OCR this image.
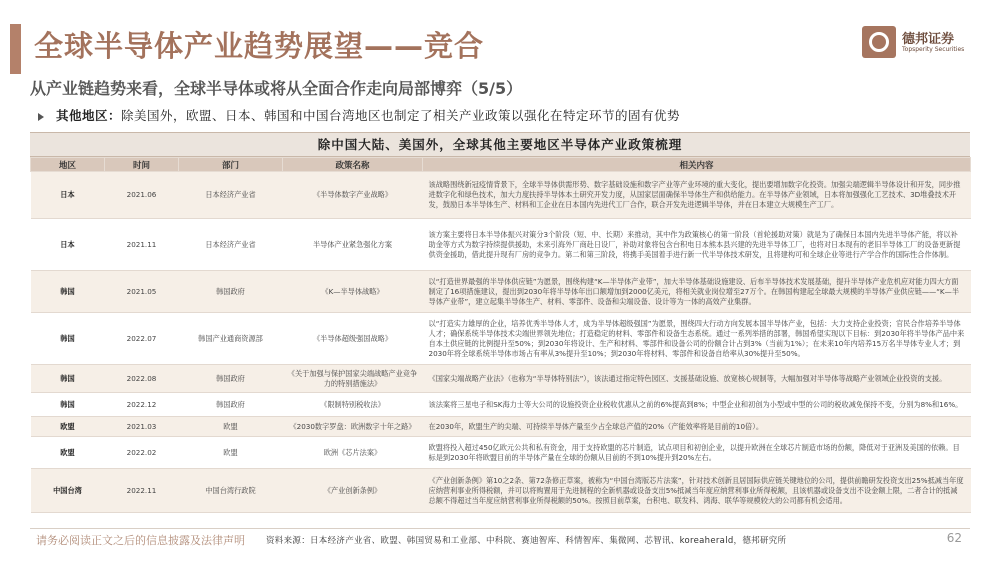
全球半导体产业趋势展望——竞合
从产业链趋势来看，全球半导体或将从全面合作走向局部博弈（5/5）
德邦证券
Topsperity Securities
其他地区：除美国外，欧盟、日本、韩国和中国台湾地区也制定了相关产业政策以强化在特定环节的固有优势
除中国大陆、美国外，全球其他主要地区半导体产业政策梳理
地区	时间	部门	政策名称	相关内容
日本	2021.06	日本经济产业省	《半导体数字产业战略》	该战略围绕新冠疫情背景下，全球半导体供需形势、数字基础设施和数字产业等产业环境的重大变化，提出要增加数字化投资。加强尖端逻辑半导体设计和开发，同步推进数字化和绿色技术，加大力度扶持半导体本土研究开发力度，从国家层面确保半导体生产和供给能力。在半导体产业领域，日本将加强强化工艺技术、3D堆叠技术开发，鼓励日本半导体生产、材料和工企业在日本国内先进代工厂合作，联合开发先进逻辑半导体，并在日本建立大规模生产工厂。
日本	2021.11	日本经济产业省	半导体产业紧急强化方案	该方案主要将日本半导体振兴对策分3个阶段（短、中、长期）来推动，其中作为政策核心的第一阶段（首轮援助对策）就是为了确保日本国内先进半导体产能，将以补助金等方式为数字持续提供援助，未来引海外厂商赴日设厂，补助对象将包含台积电日本熊本县兴建的先进半导体工厂，也将对日本现有的老旧半导体工厂的设备更新提供资金援助，借此提升现有厂房的竞争力。第二和第三阶段，将携手美国着手进行新一代半导体技术研发，且将建构可和全球企业等进行产学合作的国际性合作体制。
韩国	2021.05	韩国政府	《K—半导体战略》	以“打造世界最强的半导体供应链”为愿景，围绕构建“K—半导体产业带”，加大半导体基础设施建设、后布半导体技术发展基础，提升半导体产业危机应对能力四大方面制定了16项措施建议，提出到2030年将半导体年出口额增加到2000亿美元，将相关就业岗位增至27万个。在韩国构建起全球最大规模的半导体产业供应链——“K—半导体产业带”，建立起集半导体生产、材料、零部件、设备和尖端设备、设计等为一体的高效产业集群。
韩国	2022.07	韩国产业通商资源部	《半导体超级强国战略》	以“打造实力雄厚的企业，培养优秀半导体人才，成为半导体超级强国”为愿景，围绕四大行动方向发展本国半导体产业，包括：大力支持企业投资；官民合作培养半导体人才；确保系统半导体技术尖端世界领先地位；打造稳定的材料、零部件和设备生态系统。通过一系列举措的部署，韩国希望实现以下目标：到2030年将半导体产品中来自本土供应链的比例提升至50%；到2030年将设计、生产和材料、零部件和设备公司的份额合计占到3%（当前为1%）；在未来10年内培养15万名半导体专业人才；到2030年将全球系统半导体市场占有率从3%提升至10%；到2030年将材料、零部件和设备自给率从30%提升至50%。
韩国	2022.08	韩国政府	《关于加强与保护国家尖端战略产业竞争力的特别措施法》	《国家尖端战略产业法》（也称为“半导体特别法”），该法通过指定特色园区、支援基础设施、放宽核心规制等，大幅加强对半导体等战略产业领域企业投资的支援。
韩国	2022.12	韩国政府	《限制特别税收法》	该法案将三星电子和SK海力士等大公司的设施投资企业税收优惠从之前的6%提高到8%；中型企业和初创为小型或中型的公司的税收减免保持不变，分别为8%和16%。
欧盟	2021.03	欧盟	《2030数字罗盘：欧洲数字十年之路》	在2030年，欧盟生产的尖端、可持续半导体产量至少占全球总产值的20%（产能效率将是目前的10倍）。
欧盟	2022.02	欧盟	欧洲《芯片法案》	欧盟将投入超过450亿欧元公共和私有资金，用于支持欧盟的芯片制造，试点项目和初创企业，以提升欧洲在全球芯片制造市场的份额，降低对于亚洲及美国的依赖。目标是到2030年将欧盟目前的半导体产量在全球的份额从目前的不到10%提升到20%左右。
中国台湾	2022.11	中国台湾行政院	《产业创新条例》	《产业创新条例》第10之2条、第72条修正草案，被称为“中国台湾版芯片法案”，针对技术创新且居国际供应链关键地位的公司，提供前瞻研发投资支出25%抵减当年度应纳营利事业所得税额，并可以将购置用于先进制程的全新机器或设备支出5%抵减当年度应纳营利事业所得税额，且该机器或设备支出不设金额上限，二者合计的抵减总额不得超过当年度应纳营利事业所得税额的50%。按照目前草案，台积电、联发科、鸿海、联华等规模较大的公司都有机会适用。
请务必阅读正文之后的信息披露及法律声明 资料来源：日本经济产业省、欧盟、韩国贸易和工业部、中科院、赛迪智库、科情智库、集微网、芯智讯、koreaherald，德邦研究所	62
